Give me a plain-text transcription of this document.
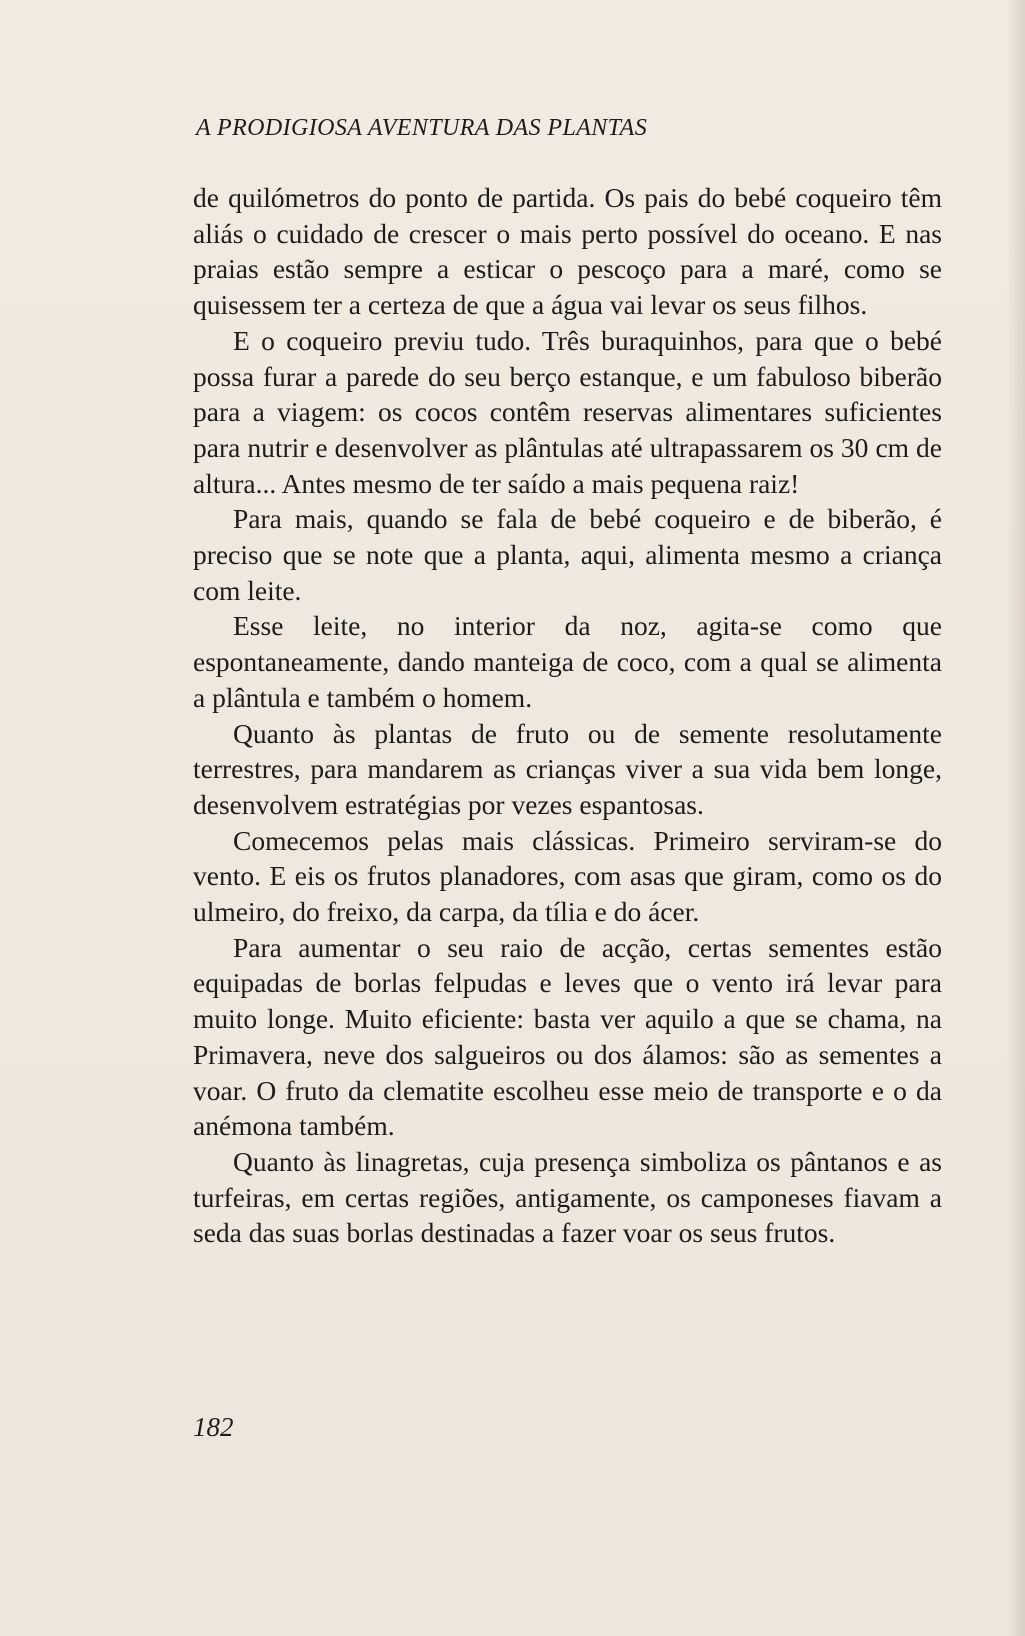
A PRODIGIOSA AVENTURA DAS PLANTAS

de quilómetros do ponto de partida. Os pais do bebé coqueiro têm aliás o cuidado de crescer o mais perto possível do oceano. E nas praias estão sempre a esticar o pescoço para a maré, como se quisessem ter a certeza de que a água vai levar os seus filhos.

E o coqueiro previu tudo. Três buraquinhos, para que o bebé possa furar a parede do seu berço estanque, e um fabuloso biberão para a viagem: os cocos contêm reservas alimentares suficientes para nutrir e desenvolver as plântulas até ultrapassarem os 30 cm de altura... Antes mesmo de ter saído a mais pequena raiz!

Para mais, quando se fala de bebé coqueiro e de biberão, é preciso que se note que a planta, aqui, alimenta mesmo a criança com leite.

Esse leite, no interior da noz, agita-se como que espontaneamente, dando manteiga de coco, com a qual se alimenta a plântula e também o homem.

Quanto às plantas de fruto ou de semente resolutamente terrestres, para mandarem as crianças viver a sua vida bem longe, desenvolvem estratégias por vezes espantosas.

Comecemos pelas mais clássicas. Primeiro serviram-se do vento. E eis os frutos planadores, com asas que giram, como os do ulmeiro, do freixo, da carpa, da tília e do ácer.

Para aumentar o seu raio de acção, certas sementes estão equipadas de borlas felpudas e leves que o vento irá levar para muito longe. Muito eficiente: basta ver aquilo a que se chama, na Primavera, neve dos salgueiros ou dos álamos: são as sementes a voar. O fruto da clematite escolheu esse meio de transporte e o da anémona também.

Quanto às linagretas, cuja presença simboliza os pântanos e as turfeiras, em certas regiões, antigamente, os camponeses fiavam a seda das suas borlas destinadas a fazer voar os seus frutos.

182
